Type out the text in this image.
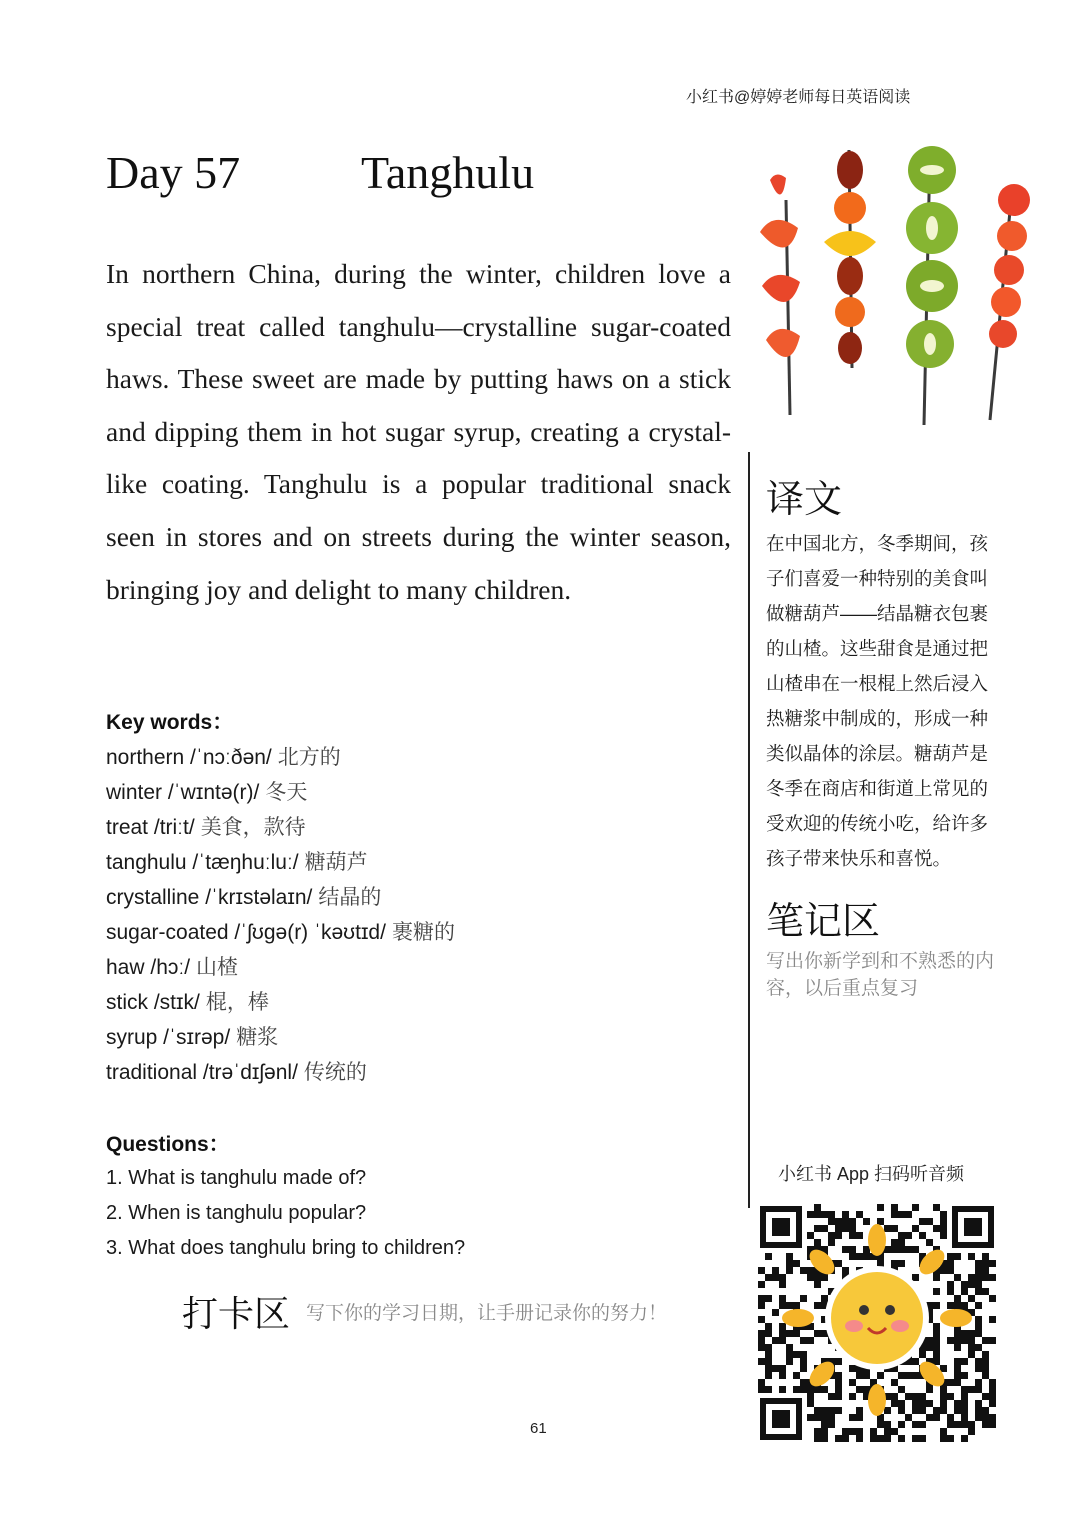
小红书@婷婷老师每日英语阅读
Day 57	Tanghulu
In northern China, during the winter, children love a special treat called tanghulu—crystalline sugar-coated haws. These sweet are made by putting haws on a stick and dipping them in hot sugar syrup, creating a crystal-like coating. Tanghulu is a popular traditional snack seen in stores and on streets during the winter season, bringing joy and delight to many children.
Key words：
northern /ˈnɔːðən/ 北方的
winter /ˈwɪntə(r)/ 冬天
treat /triːt/ 美食，款待
tanghulu /ˈtæŋhuːluː/ 糖葫芦
crystalline /ˈkrɪstəlaɪn/ 结晶的
sugar-coated /ˈʃʊɡə(r) ˈkəʊtɪd/ 裹糖的
haw /hɔː/ 山楂
stick /stɪk/ 棍，棒
syrup /ˈsɪrəp/ 糖浆
traditional /trəˈdɪʃənl/ 传统的
Questions：
1. What is tanghulu made of?
2. When is tanghulu popular?
3. What does tanghulu bring to children?
打卡区 写下你的学习日期，让手册记录你的努力！
61
译文
在中国北方，冬季期间，孩子们喜爱一种特别的美食叫做糖葫芦——结晶糖衣包裹的山楂。这些甜食是通过把山楂串在一根棍上然后浸入热糖浆中制成的，形成一种类似晶体的涂层。糖葫芦是冬季在商店和街道上常见的受欢迎的传统小吃，给许多孩子带来快乐和喜悦。
笔记区
写出你新学到和不熟悉的内容，以后重点复习
小红书 App 扫码听音频
